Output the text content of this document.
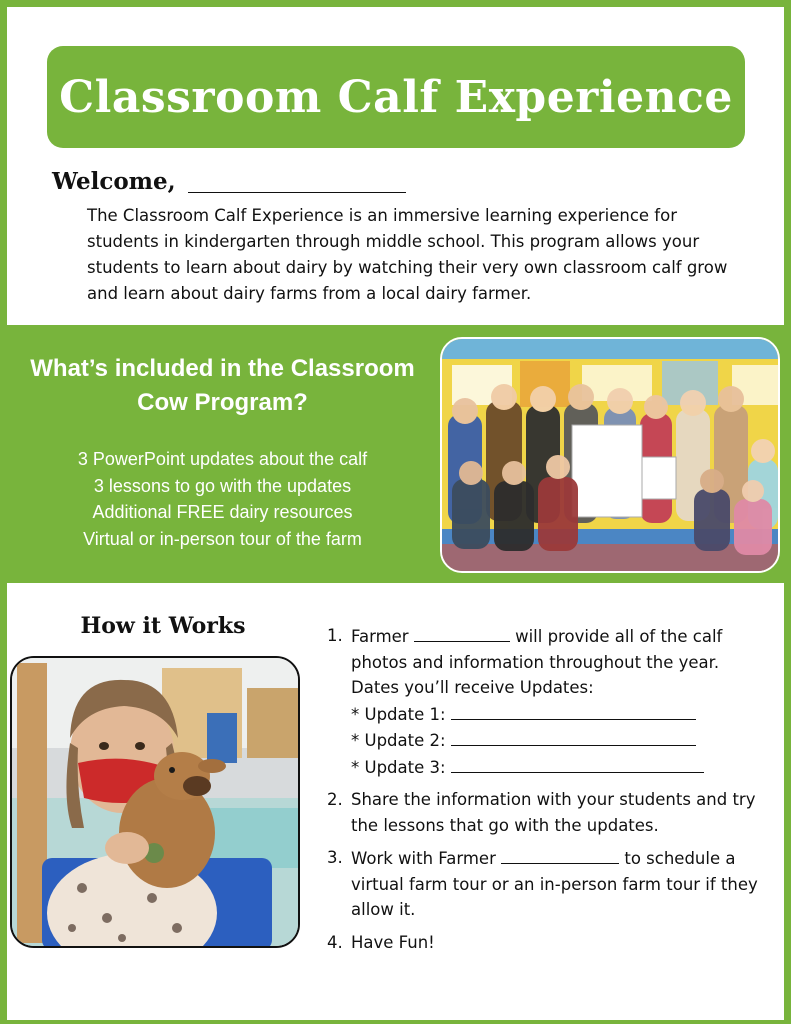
Classroom Calf Experience
Welcome,

The Classroom Calf Experience is an immersive learning experience for students in kindergarten through middle school. This program allows your students to learn about dairy by watching their very own classroom calf grow and learn about dairy farms from a local dairy farmer.

What’s included in the Classroom Cow Program?
3 PowerPoint updates about the calf
3 lessons to go with the updates
Additional FREE dairy resources
Virtual or in-person tour of the farm
How it Works	1. Farmer	will provide all of the calf photos and information throughout the year.
Dates you’ll receive Updates:
* Update 1:
* Update 2:
* Update 3:
2. Share the information with your students and try the lessons that go with the updates.
3. Work with Farmer	to schedule a virtual farm tour or an in-person farm tour if they allow it.
4. Have Fun!
